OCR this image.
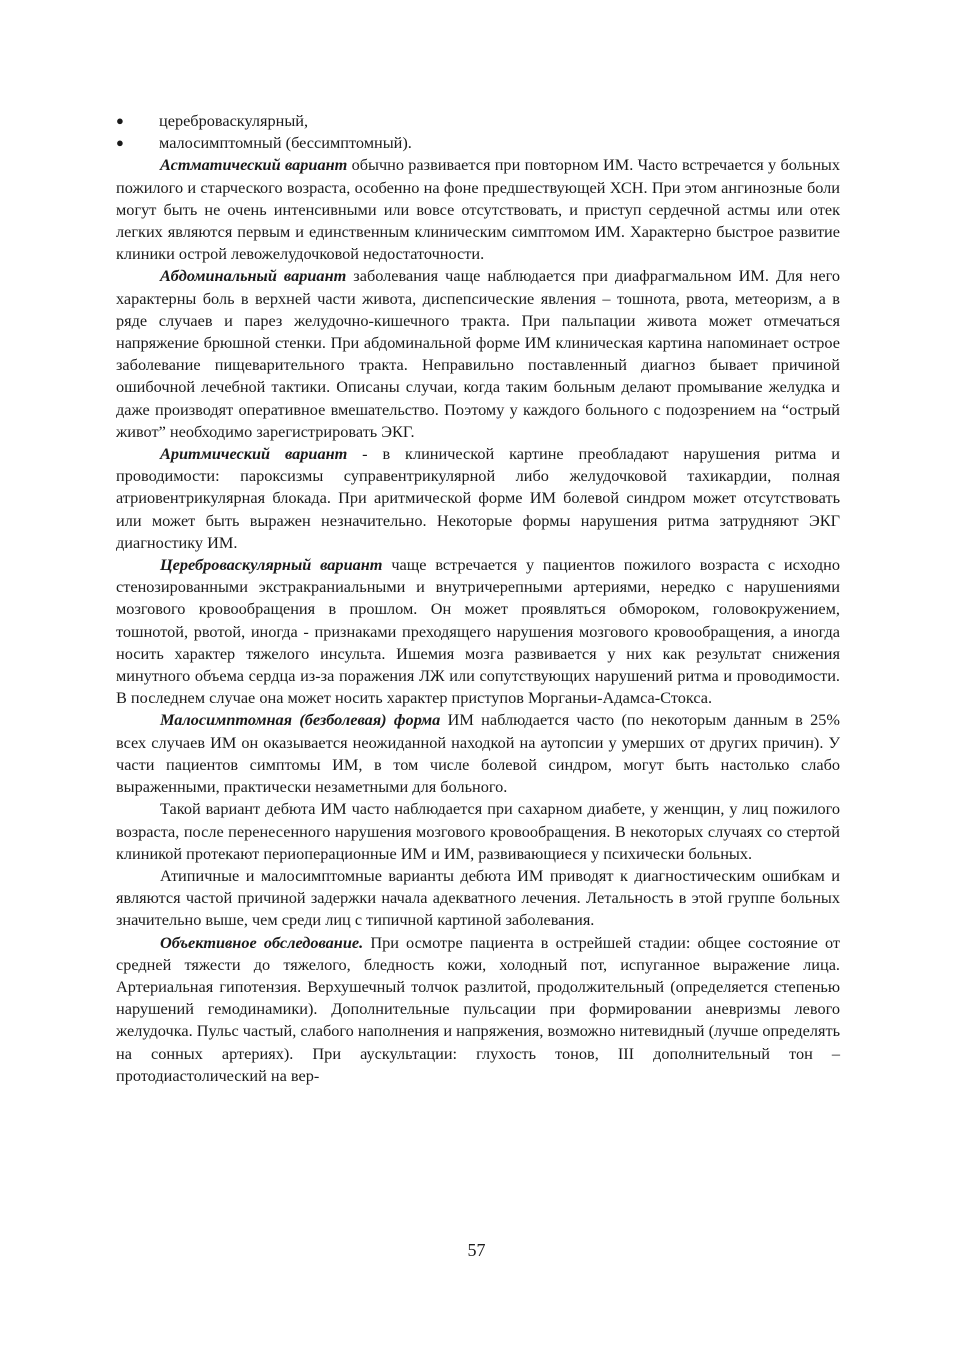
● цереброваскулярный,
● малосимптомный (бессимптомный).

Астматический вариант обычно развивается при повторном ИМ. Часто встречается у больных пожилого и старческого возраста, особенно на фоне предшествующей ХСН. При этом ангинозные боли могут быть не очень интенсивными или вовсе отсутствовать, и приступ сердечной астмы или отек легких являются первым и единственным клиническим симптомом ИМ. Характерно быстрое развитие клиники острой левожелудочковой недостаточности.

Абдоминальный вариант заболевания чаще наблюдается при диафрагмальном ИМ. Для него характерны боль в верхней части живота, диспепсические явления – тошнота, рвота, метеоризм, а в ряде случаев и парез желудочно-кишечного тракта. При пальпации живота может отмечаться напряжение брюшной стенки. При абдоминальной форме ИМ клиническая картина напоминает острое заболевание пищеварительного тракта. Неправильно поставленный диагноз бывает причиной ошибочной лечебной тактики. Описаны случаи, когда таким больным делают промывание желудка и даже производят оперативное вмешательство. Поэтому у каждого больного с подозрением на “острый живот” необходимо зарегистрировать ЭКГ.

Аритмический вариант - в клинической картине преобладают нарушения ритма и проводимости: пароксизмы суправентрикулярной либо желудочковой тахикардии, полная атриовентрикулярная блокада. При аритмической форме ИМ болевой синдром может отсутствовать или может быть выражен незначительно. Некоторые формы нарушения ритма затрудняют ЭКГ диагностику ИМ.

Цереброваскулярный вариант чаще встречается у пациентов пожилого возраста с исходно стенозированными экстракраниальными и внутричерепными артериями, нередко с нарушениями мозгового кровообращения в прошлом. Он может проявляться обмороком, головокружением, тошнотой, рвотой, иногда - признаками преходящего нарушения мозгового кровообращения, а иногда носить характер тяжелого инсульта. Ишемия мозга развивается у них как результат снижения минутного объема сердца из-за поражения ЛЖ или сопутствующих нарушений ритма и проводимости. В последнем случае она может носить характер приступов Морганьи-Адамса-Стокса.

Малосимптомная (безболевая) форма ИМ наблюдается часто (по некоторым данным в 25% всех случаев ИМ он оказывается неожиданной находкой на аутопсии у умерших от других причин). У части пациентов симптомы ИМ, в том числе болевой синдром, могут быть настолько слабо выраженными, практически незаметными для больного.

Такой вариант дебюта ИМ часто наблюдается при сахарном диабете, у женщин, у лиц пожилого возраста, после перенесенного нарушения мозгового кровообращения. В некоторых случаях со стертой клиникой протекают периоперационные ИМ и ИМ, развивающиеся у психически больных.

Атипичные и малосимптомные варианты дебюта ИМ приводят к диагностическим ошибкам и являются частой причиной задержки начала адекватного лечения. Летальность в этой группе больных значительно выше, чем среди лиц с типичной картиной заболевания.

Объективное обследование. При осмотре пациента в острейшей стадии: общее состояние от средней тяжести до тяжелого, бледность кожи, холодный пот, испуганное выражение лица. Артериальная гипотензия. Верхушечный толчок разлитой, продолжительный (определяется степенью нарушений гемодинамики). Дополнительные пульсации при формировании аневризмы левого желудочка. Пульс частый, слабого наполнения и напряжения, возможно нитевидный (лучше определять на сонных артериях). При аускультации: глухость тонов, III дополнительный тон –протодиастолический на вер-

57
